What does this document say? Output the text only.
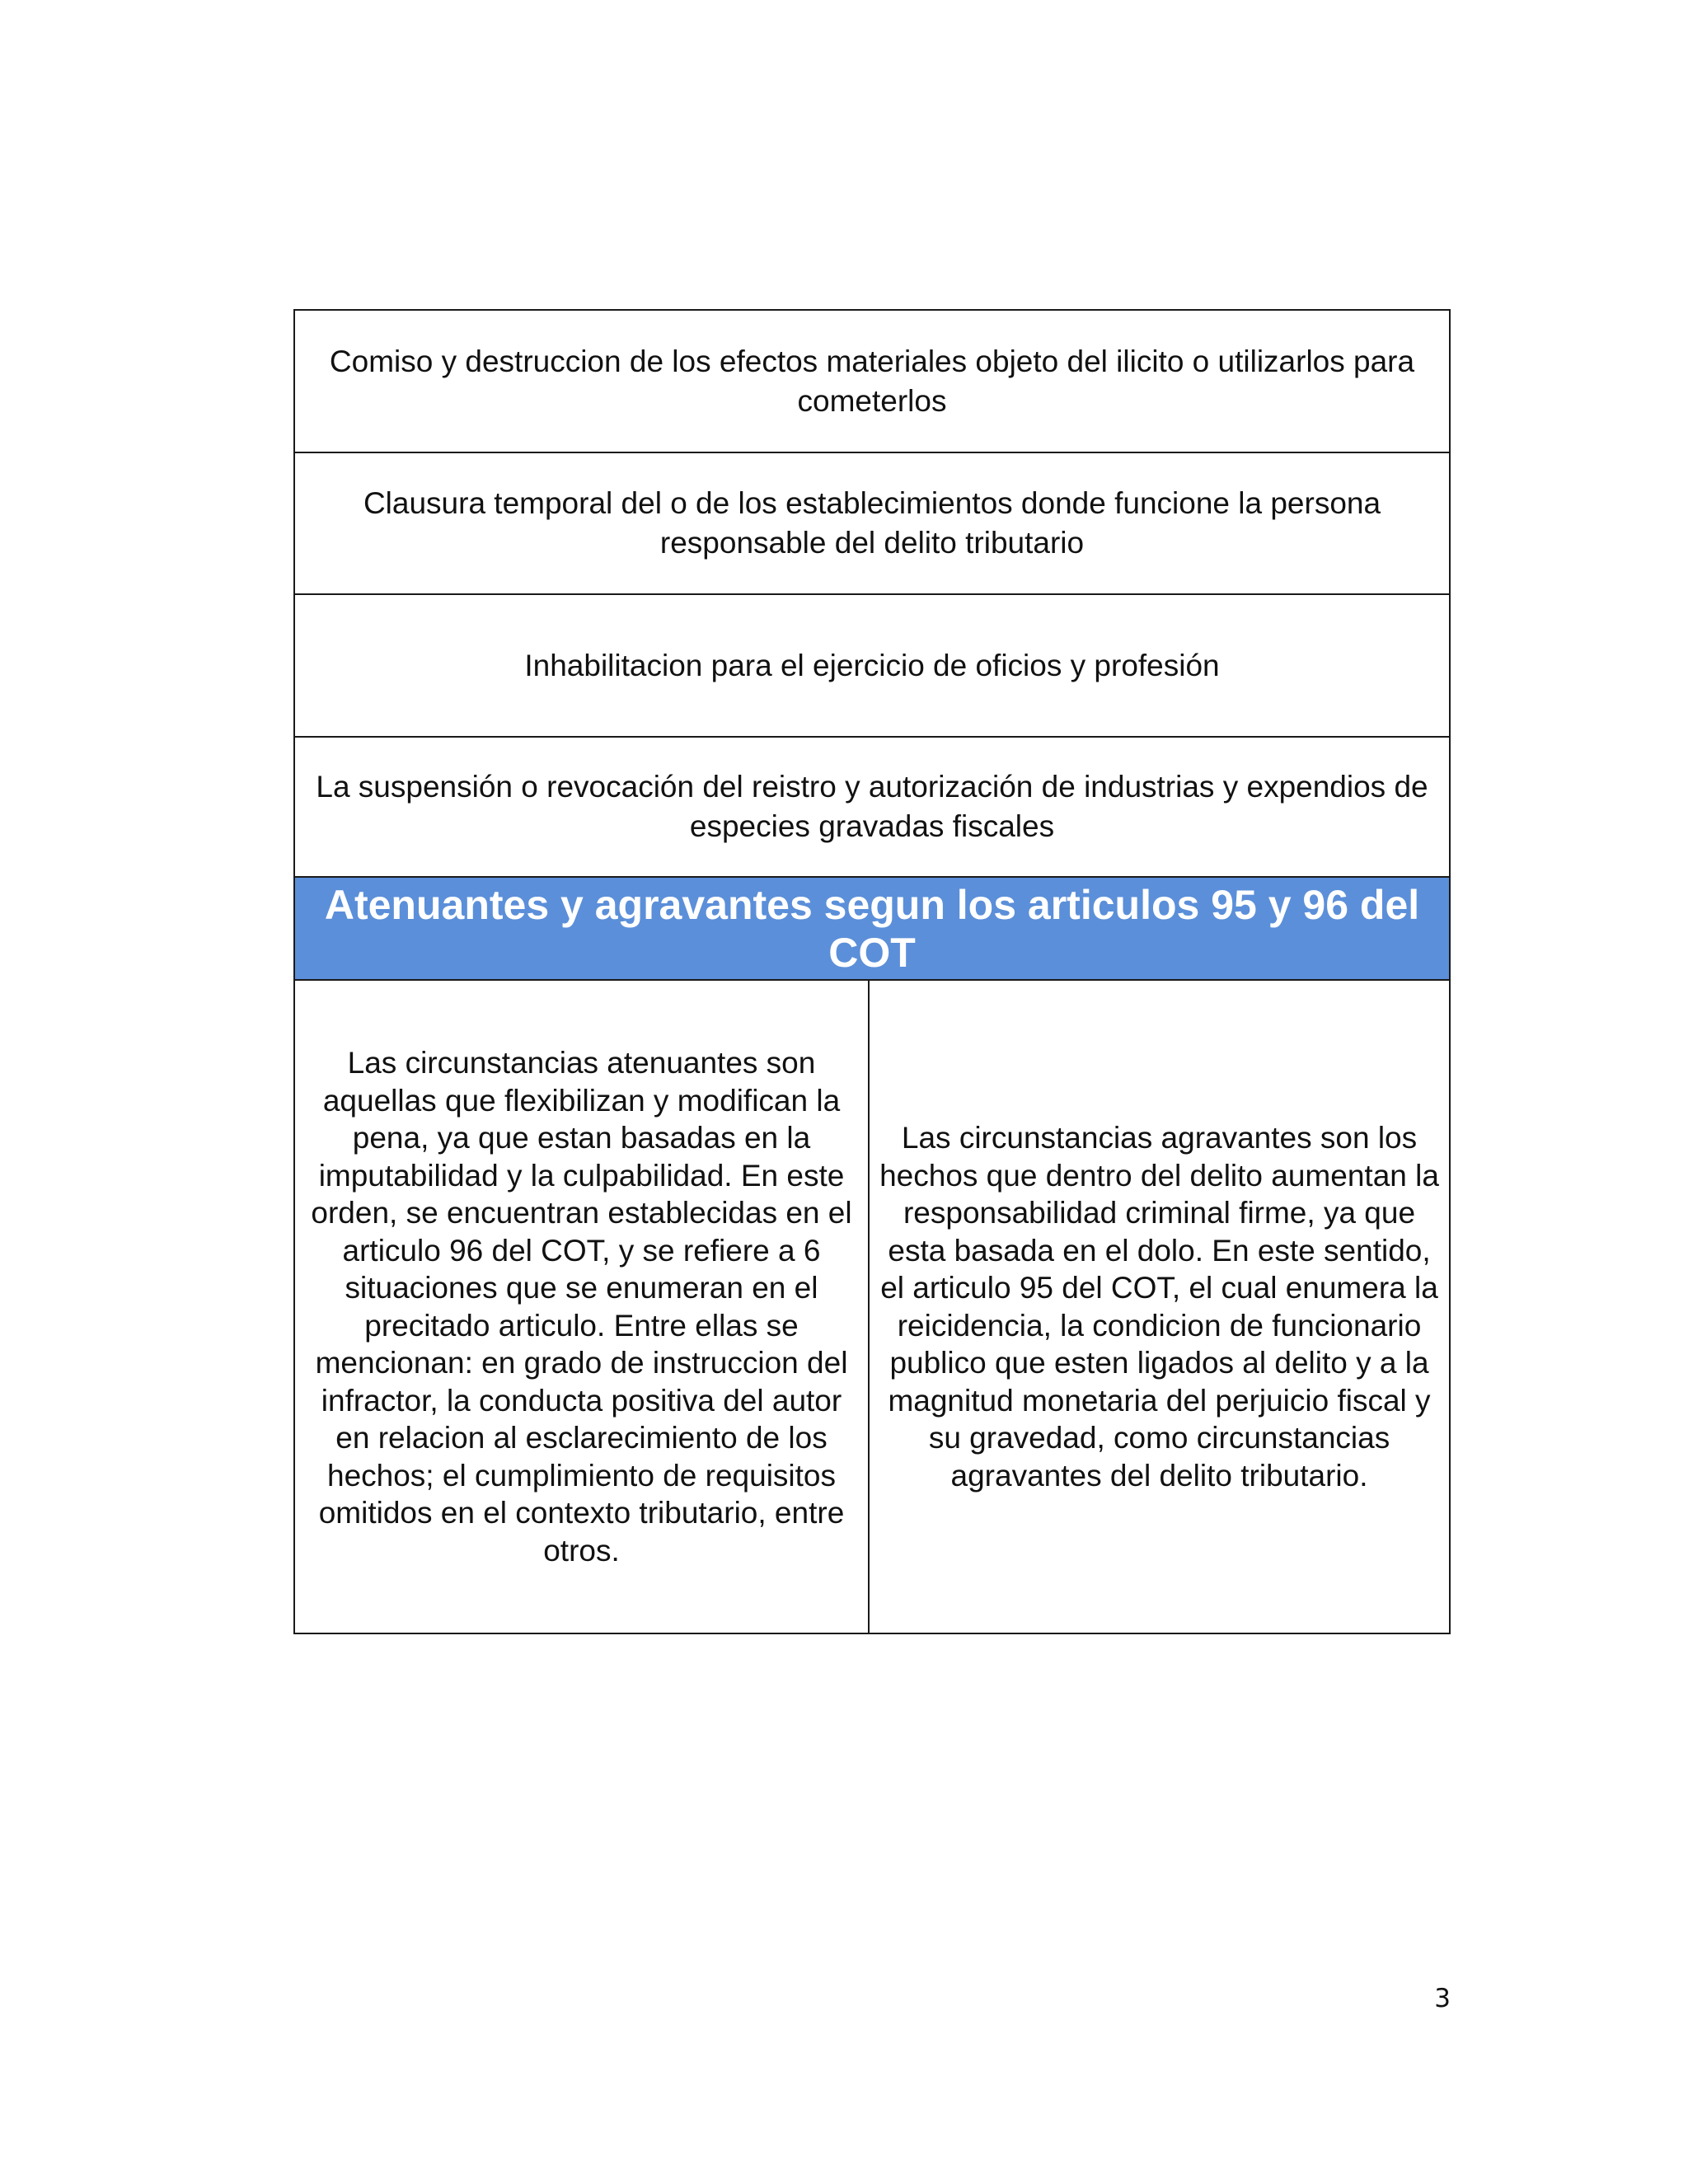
Comiso y destruccion de los efectos materiales objeto del ilicito o utilizarlos para cometerlos
Clausura temporal del o de los establecimientos donde funcione la persona responsable del delito tributario
Inhabilitacion para el ejercicio de oficios y profesión
La suspensión o revocación del reistro y autorización de industrias y expendios de especies gravadas fiscales
Atenuantes y agravantes segun los articulos 95 y 96 del COT
Las circunstancias atenuantes son aquellas que flexibilizan y modifican la pena, ya que estan basadas en la imputabilidad y la culpabilidad. En este orden, se encuentran establecidas en el articulo 96 del COT, y se refiere a 6 situaciones que se enumeran en el precitado articulo. Entre ellas se mencionan: en grado de instruccion del infractor, la conducta positiva del autor en relacion al esclarecimiento de los hechos; el cumplimiento de requisitos omitidos en el contexto tributario, entre otros.	Las circunstancias agravantes son los hechos que dentro del delito aumentan la responsabilidad criminal firme, ya que esta basada en el dolo. En este sentido, el articulo 95 del COT, el cual enumera la reicidencia, la condicion de funcionario publico que esten ligados al delito y a la magnitud monetaria del perjuicio fiscal y su gravedad, como circunstancias agravantes del delito tributario.
3
